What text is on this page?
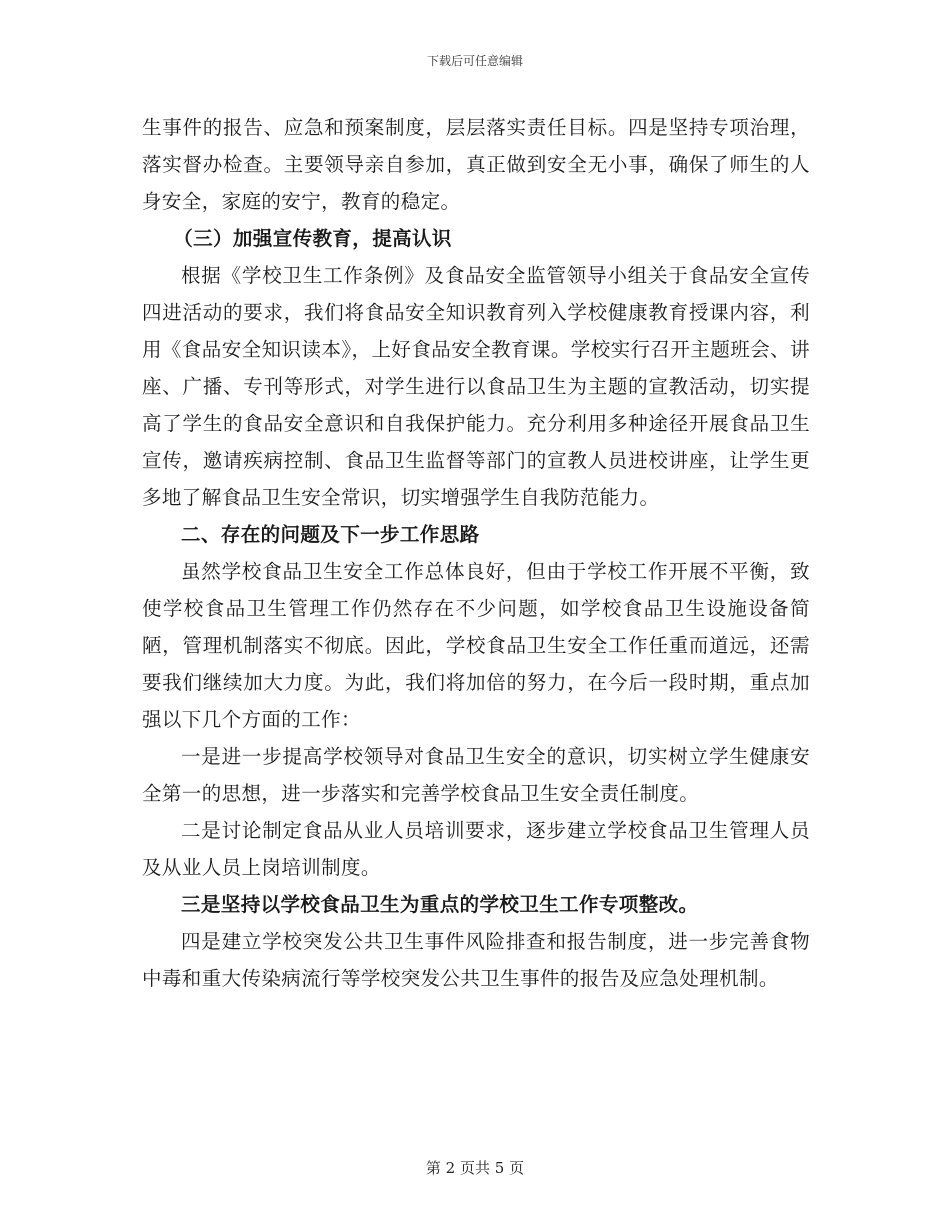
下载后可任意编辑

生事件的报告、应急和预案制度，层层落实责任目标。四是坚持专项治理，落实督办检查。主要领导亲自参加，真正做到安全无小事，确保了师生的人身安全，家庭的安宁，教育的稳定。

（三）加强宣传教育，提高认识

根据《学校卫生工作条例》及食品安全监管领导小组关于食品安全宣传四进活动的要求，我们将食品安全知识教育列入学校健康教育授课内容，利用《食品安全知识读本》，上好食品安全教育课。学校实行召开主题班会、讲座、广播、专刊等形式，对学生进行以食品卫生为主题的宣教活动，切实提高了学生的食品安全意识和自我保护能力。充分利用多种途径开展食品卫生宣传，邀请疾病控制、食品卫生监督等部门的宣教人员进校讲座，让学生更多地了解食品卫生安全常识，切实增强学生自我防范能力。

二、存在的问题及下一步工作思路

虽然学校食品卫生安全工作总体良好，但由于学校工作开展不平衡，致使学校食品卫生管理工作仍然存在不少问题，如学校食品卫生设施设备简陋，管理机制落实不彻底。因此，学校食品卫生安全工作任重而道远，还需要我们继续加大力度。为此，我们将加倍的努力，在今后一段时期，重点加强以下几个方面的工作：

一是进一步提高学校领导对食品卫生安全的意识，切实树立学生健康安全第一的思想，进一步落实和完善学校食品卫生安全责任制度。

二是讨论制定食品从业人员培训要求，逐步建立学校食品卫生管理人员及从业人员上岗培训制度。

三是坚持以学校食品卫生为重点的学校卫生工作专项整改。

四是建立学校突发公共卫生事件风险排查和报告制度，进一步完善食物中毒和重大传染病流行等学校突发公共卫生事件的报告及应急处理机制。

第 2 页共 5 页
